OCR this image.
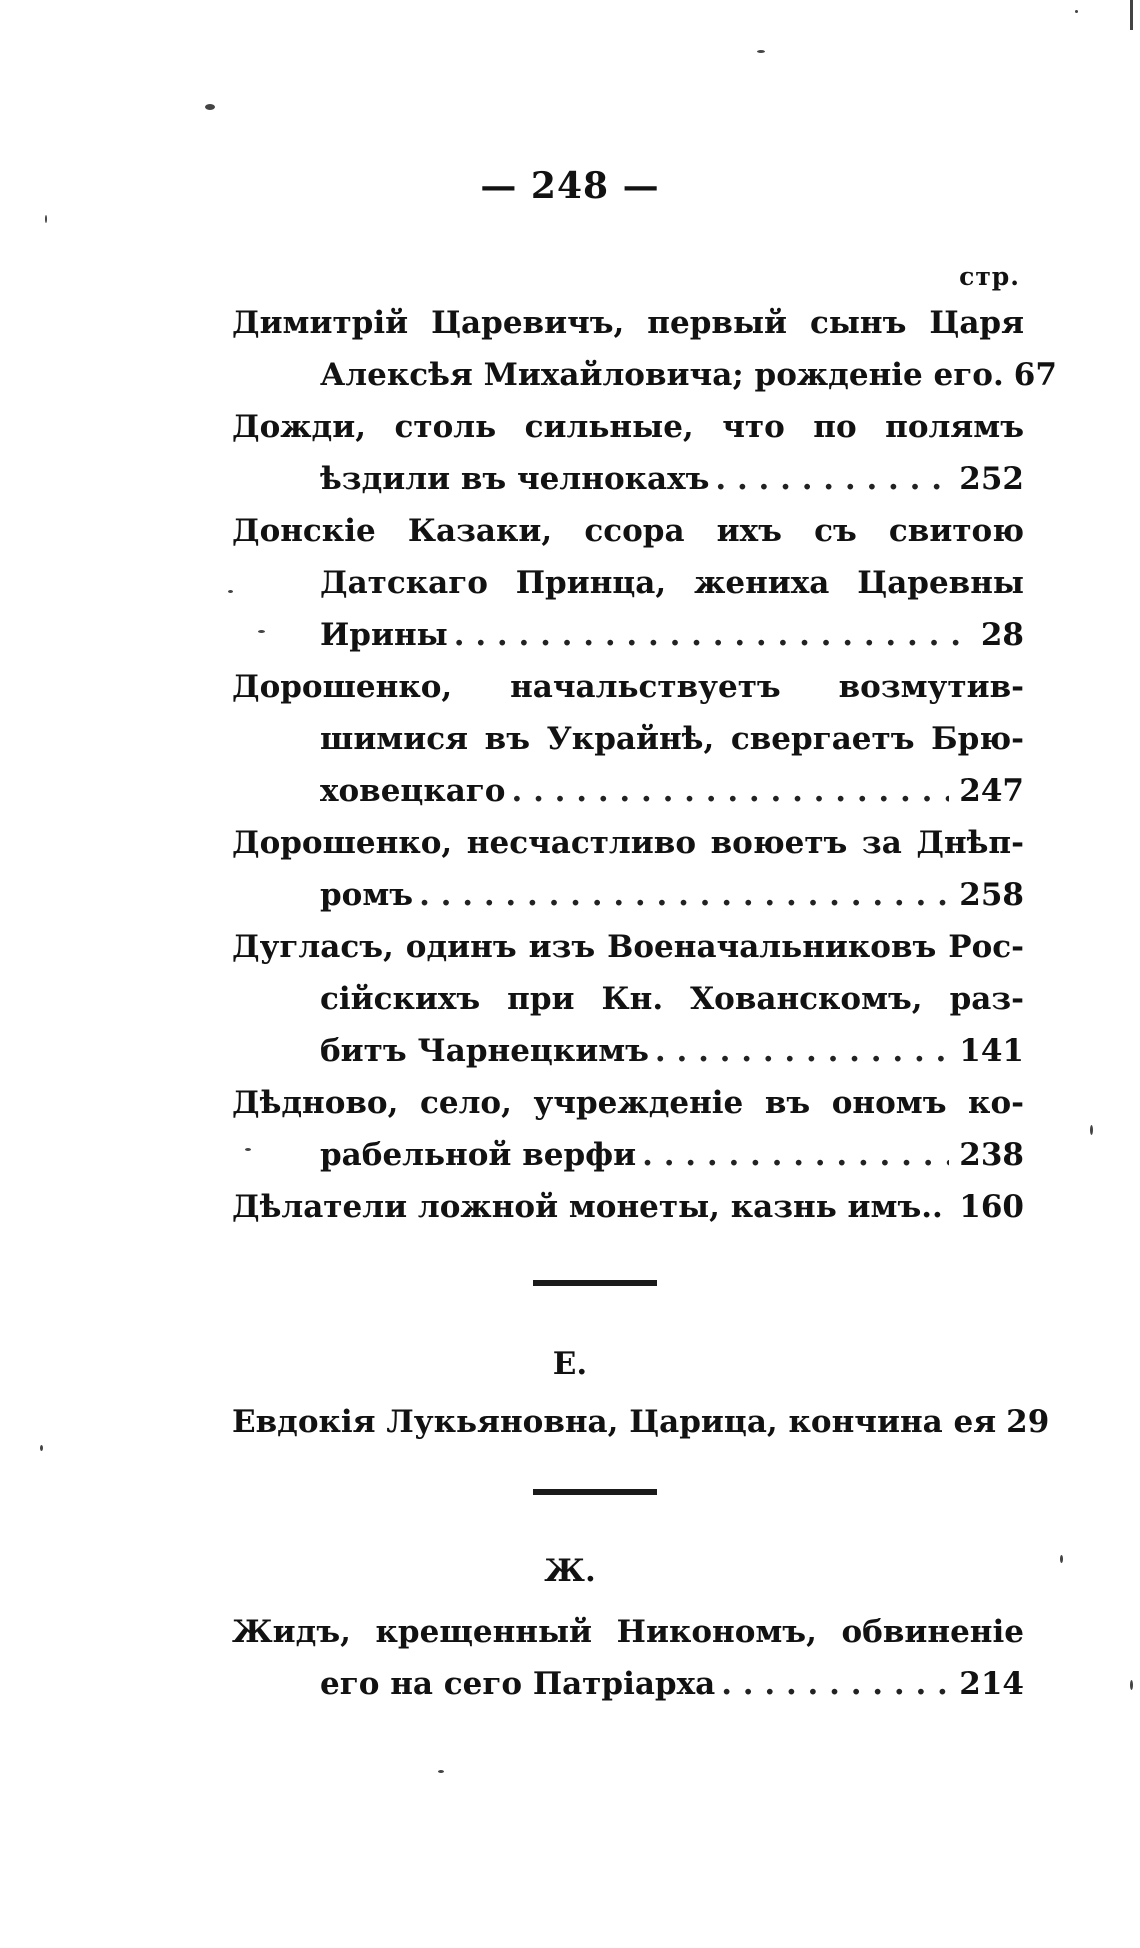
— 248 —
стр.
Димитрій Царевичъ, первый сынъ Царя
Алексѣя Михайловича; рожденіе его. 67
Дожди, столь сильные, что по полямъ
ѣздили въ челнокахъ . . .	252
Донскіе Казаки, ссора ихъ съ свитою
Датскаго Принца, жениха Царевны
Ирины . . .	28
Дорошенко, начальствуетъ возмутив-
шимися въ Украйнѣ, свергаетъ Брю-
ховецкаго . . .	247
Дорошенко, несчастливо воюетъ за Днѣп-
ромъ . . .	258
Дугласъ, одинъ изъ Военачальниковъ Рос-
сійскихъ при Кн. Хованскомъ, раз-
битъ Чарнецкимъ . . .	141
Дѣдново, село, учрежденіе въ ономъ ко-
рабельной верфи . . .	238
Дѣлатели ложной монеты, казнь имъ.. 160
Е.
Евдокія Лукьяновна, Царица, кончина ея 29
Ж.
Жидъ, крещенный Никономъ, обвиненіе
его на сего Патріарха . . .	214
